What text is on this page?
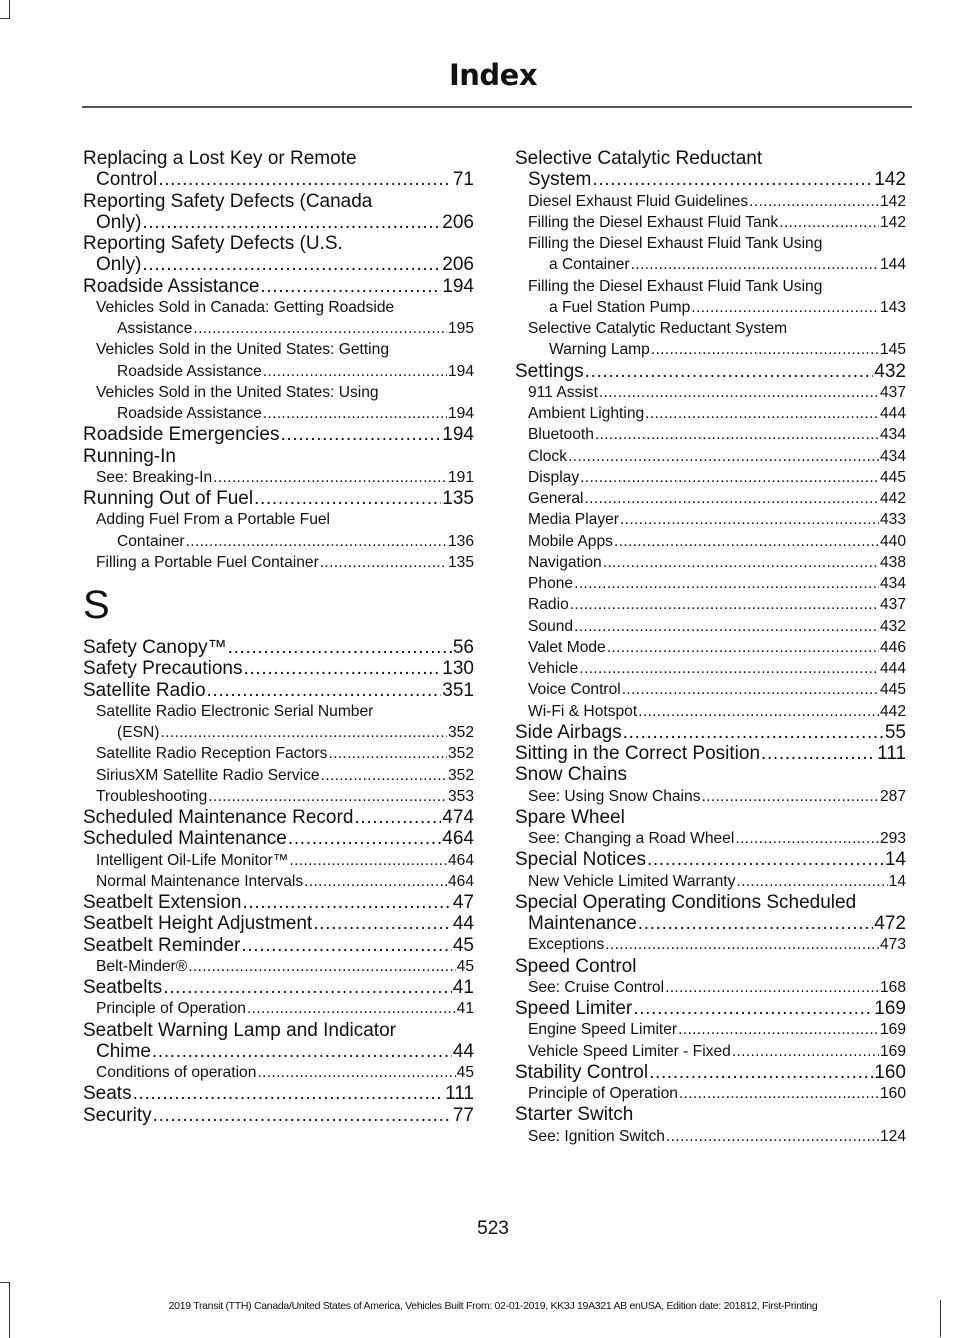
Index
Replacing a Lost Key or Remote
Control . . .	71
Reporting Safety Defects (Canada
Only) . . .	206
Reporting Safety Defects (U.S.
Only) . . .	206
Roadside Assistance . . .	194
Vehicles Sold in Canada: Getting Roadside
Assistance . . .	195
Vehicles Sold in the United States: Getting
Roadside Assistance . . .	194
Vehicles Sold in the United States: Using
Roadside Assistance . . .	194
Roadside Emergencies . . .	194
Running-In
See: Breaking-In . . .	191
Running Out of Fuel . . .	135
Adding Fuel From a Portable Fuel
Container . . .	136
Filling a Portable Fuel Container . . .	135
S
Safety Canopy™ . . .	56
Safety Precautions . . .	130
Satellite Radio . . .	351
Satellite Radio Electronic Serial Number
(ESN) . . .	352
Satellite Radio Reception Factors . . .	352
SiriusXM Satellite Radio Service . . .	352
Troubleshooting . . .	353
Scheduled Maintenance Record . . .	474
Scheduled Maintenance . . .	464
Intelligent Oil-Life Monitor™ . . .	464
Normal Maintenance Intervals . . .	464
Seatbelt Extension . . .	47
Seatbelt Height Adjustment . . .	44
Seatbelt Reminder . . .	45
Belt-Minder® . . .	45
Seatbelts . . .	41
Principle of Operation . . .	41
Seatbelt Warning Lamp and Indicator
Chime . . .	44
Conditions of operation . . .	45
Seats . . .	111
Security . . .	77
Selective Catalytic Reductant
System . . .	142
Diesel Exhaust Fluid Guidelines . . .	142
Filling the Diesel Exhaust Fluid Tank . . .	142
Filling the Diesel Exhaust Fluid Tank Using
a Container . . .	144
Filling the Diesel Exhaust Fluid Tank Using
a Fuel Station Pump . . .	143
Selective Catalytic Reductant System
Warning Lamp . . .	145
Settings . . .	432
911 Assist . . .	437
Ambient Lighting . . .	444
Bluetooth . . .	434
Clock . . .	434
Display . . .	445
General . . .	442
Media Player . . .	433
Mobile Apps . . .	440
Navigation . . .	438
Phone . . .	434
Radio . . .	437
Sound . . .	432
Valet Mode . . .	446
Vehicle . . .	444
Voice Control . . .	445
Wi-Fi & Hotspot . . .	442
Side Airbags . . .	55
Sitting in the Correct Position . . .	111
Snow Chains
See: Using Snow Chains . . .	287
Spare Wheel
See: Changing a Road Wheel . . .	293
Special Notices . . .	14
New Vehicle Limited Warranty . . .	14
Special Operating Conditions Scheduled
Maintenance . . .	472
Exceptions . . .	473
Speed Control
See: Cruise Control . . .	168
Speed Limiter . . .	169
Engine Speed Limiter . . .	169
Vehicle Speed Limiter - Fixed . . .	169
Stability Control . . .	160
Principle of Operation . . .	160
Starter Switch
See: Ignition Switch . . .	124
523
2019 Transit (TTH) Canada/United States of America, Vehicles Built From: 02-01-2019, KK3J 19A321 AB enUSA, Edition date: 201812, First-Printing
